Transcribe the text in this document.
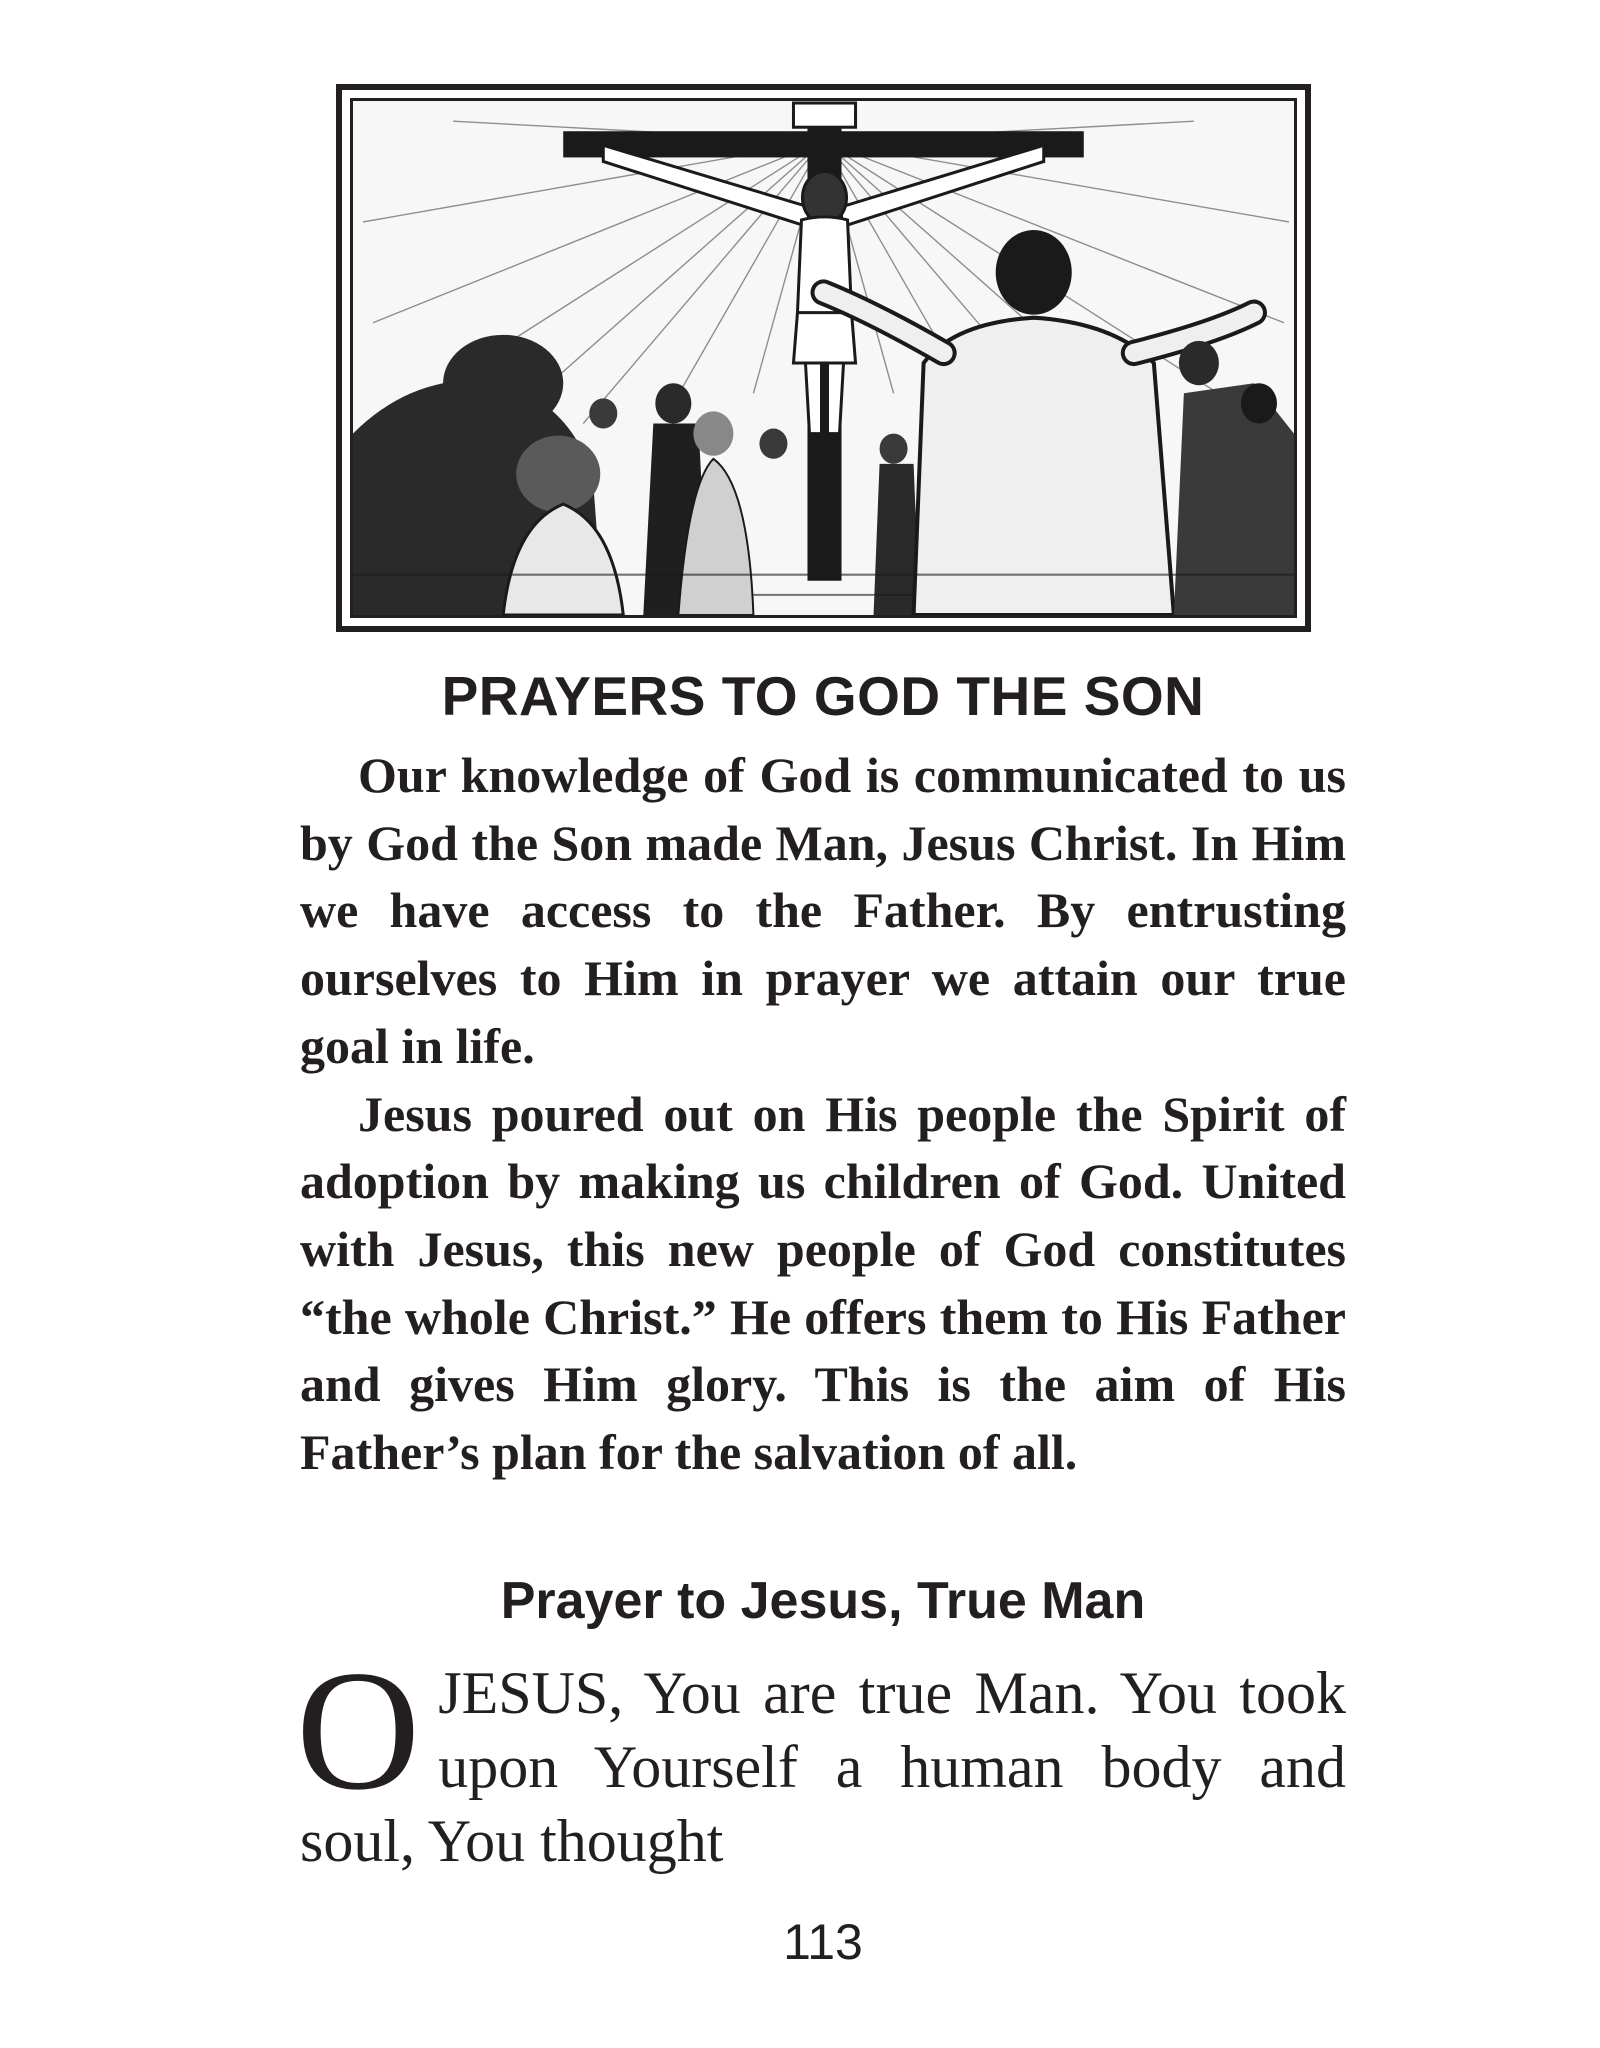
PRAYERS TO GOD THE SON

Our knowledge of God is communicated to us by God the Son made Man, Jesus Christ. In Him we have access to the Father. By entrusting ourselves to Him in prayer we attain our true goal in life.

Jesus poured out on His people the Spirit of adoption by making us children of God. United with Jesus, this new people of God constitutes “the whole Christ.” He offers them to His Father and gives Him glory. This is the aim of His Father’s plan for the salvation of all.

Prayer to Jesus, True Man
O JESUS, You are true Man. You took upon Yourself a human body and soul, You thought
113
